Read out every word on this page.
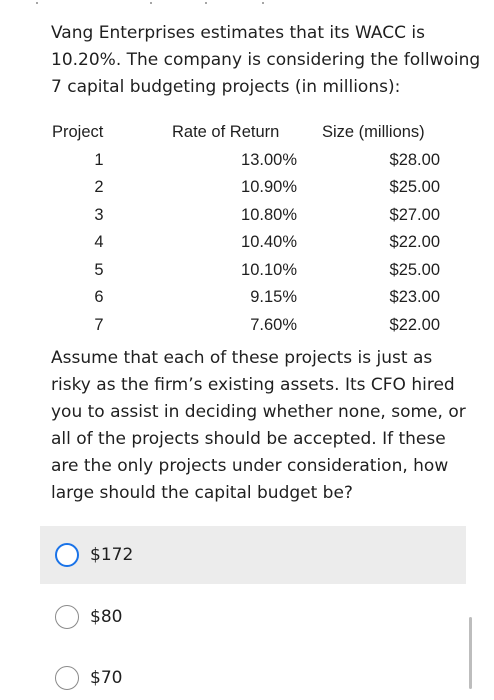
Vang Enterprises estimates that its WACC is 10.20%. The company is considering the follwoing 7 capital budgeting projects (in millions):

Project	Rate of Return	Size (millions)
1	13.00%	$28.00
2	10.90%	$25.00
3	10.80%	$27.00
4	10.40%	$22.00
5	10.10%	$25.00
6	9.15%	$23.00
7	7.60%	$22.00

Assume that each of these projects is just as risky as the firm’s existing assets. Its CFO hired you to assist in deciding whether none, some, or all of the projects should be accepted. If these are the only projects under consideration, how large should the capital budget be?

$172
$80
$70
